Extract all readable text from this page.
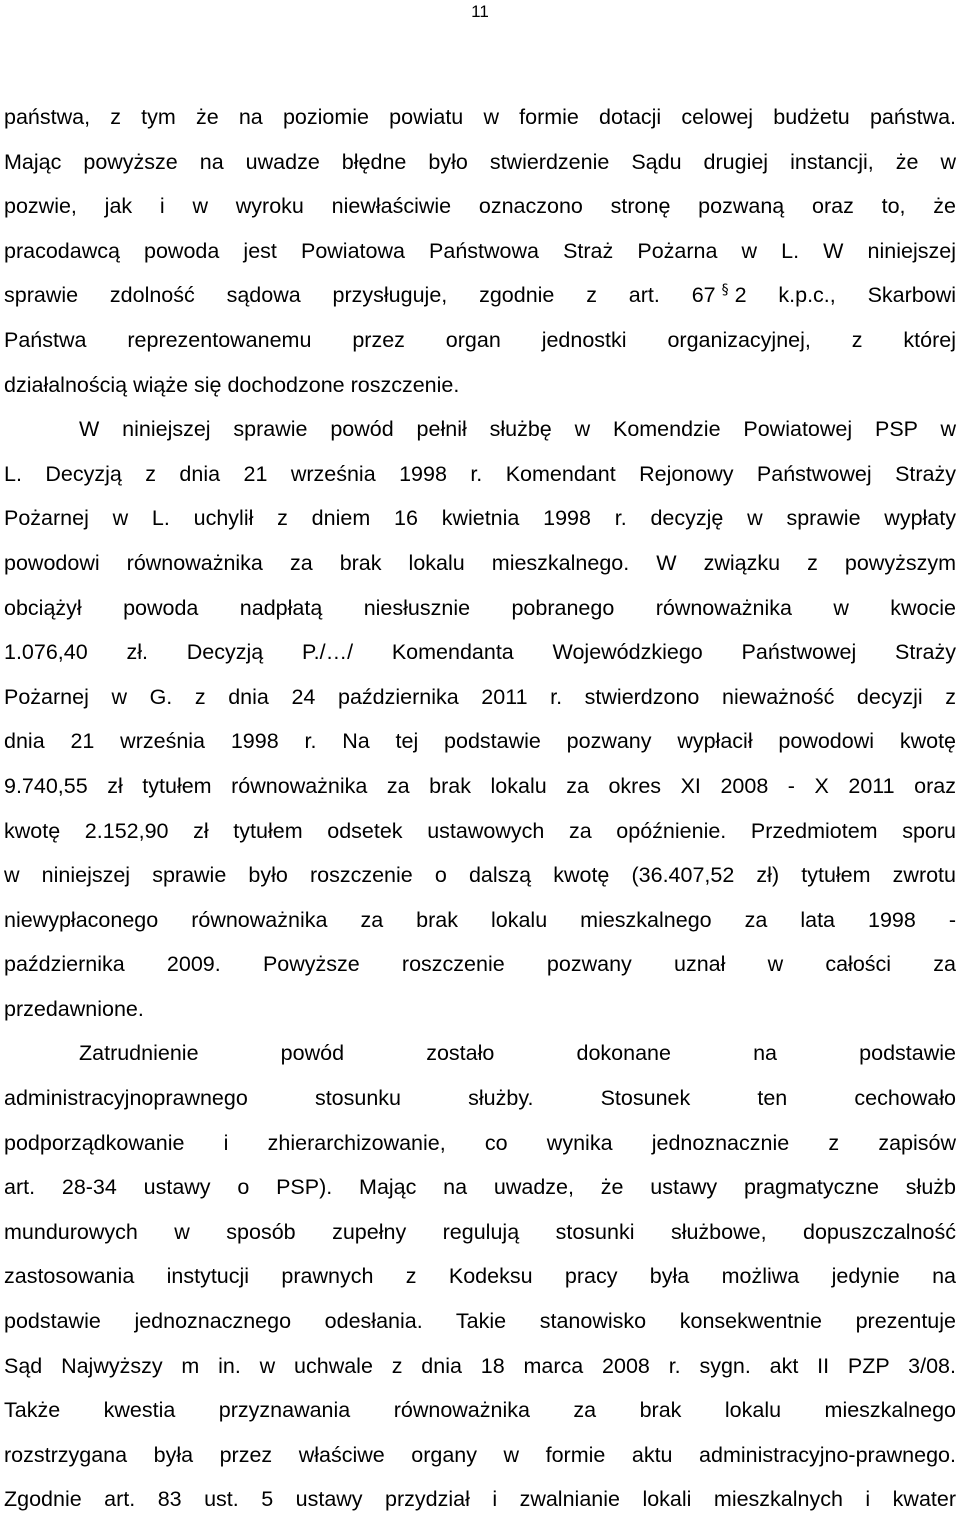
11
państwa, z tym że na poziomie powiatu w formie dotacji celowej budżetu państwa.
Mając powyższe na uwadze błędne było stwierdzenie Sądu drugiej instancji, że w
pozwie, jak i w wyroku niewłaściwie oznaczono stronę pozwaną oraz to, że
pracodawcą powoda jest Powiatowa Państwowa Straż Pożarna w L. W niniejszej
sprawie zdolność sądowa przysługuje, zgodnie z art. 67 § 2 k.p.c., Skarbowi
Państwa reprezentowanemu przez organ jednostki organizacyjnej, z której
działalnością wiąże się dochodzone roszczenie.
W niniejszej sprawie powód pełnił służbę w Komendzie Powiatowej PSP w
L. Decyzją z dnia 21 września 1998 r. Komendant Rejonowy Państwowej Straży
Pożarnej w L. uchylił z dniem 16 kwietnia 1998 r. decyzję w sprawie wypłaty
powodowi równoważnika za brak lokalu mieszkalnego. W związku z powyższym
obciążył powoda nadpłatą niesłusznie pobranego równoważnika w kwocie
1.076,40 zł. Decyzją P./…/ Komendanta Wojewódzkiego Państwowej Straży
Pożarnej w G. z dnia 24 października 2011 r. stwierdzono nieważność decyzji z
dnia 21 września 1998 r. Na tej podstawie pozwany wypłacił powodowi kwotę
9.740,55 zł tytułem równoważnika za brak lokalu za okres XI 2008 - X 2011 oraz
kwotę 2.152,90 zł tytułem odsetek ustawowych za opóźnienie. Przedmiotem sporu
w niniejszej sprawie było roszczenie o dalszą kwotę (36.407,52 zł) tytułem zwrotu
niewypłaconego równoważnika za brak lokalu mieszkalnego za lata 1998 -
października 2009. Powyższe roszczenie pozwany uznał w całości za
przedawnione.
Zatrudnienie powód zostało dokonane na podstawie
administracyjnoprawnego stosunku służby. Stosunek ten cechowało
podporządkowanie i zhierarchizowanie, co wynika jednoznacznie z zapisów
art. 28-34 ustawy o PSP). Mając na uwadze, że ustawy pragmatyczne służb
mundurowych w sposób zupełny regulują stosunki służbowe, dopuszczalność
zastosowania instytucji prawnych z Kodeksu pracy była możliwa jedynie na
podstawie jednoznacznego odesłania. Takie stanowisko konsekwentnie prezentuje
Sąd Najwyższy m in. w uchwale z dnia 18 marca 2008 r. sygn. akt II PZP 3/08.
Także kwestia przyznawania równoważnika za brak lokalu mieszkalnego
rozstrzygana była przez właściwe organy w formie aktu administracyjno-prawnego.
Zgodnie art. 83 ust. 5 ustawy przydział i zwalnianie lokali mieszkalnych i kwater
